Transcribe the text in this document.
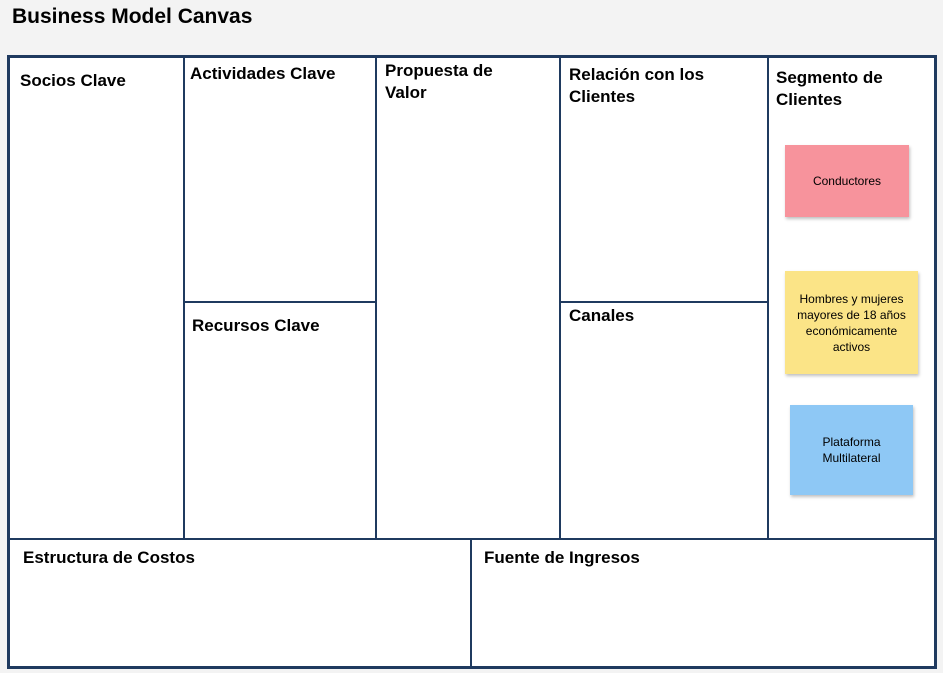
Business Model Canvas
Socios Clave	Actividades Clave
Recursos Clave
Propuesta de Valor
Relación con los Clientes
Canales
Segmento de Clientes
Estructura de Costos	Fuente de Ingresos
Conductores
Hombres y mujeres mayores de 18 años económicamente activos
Plataforma Multilateral
